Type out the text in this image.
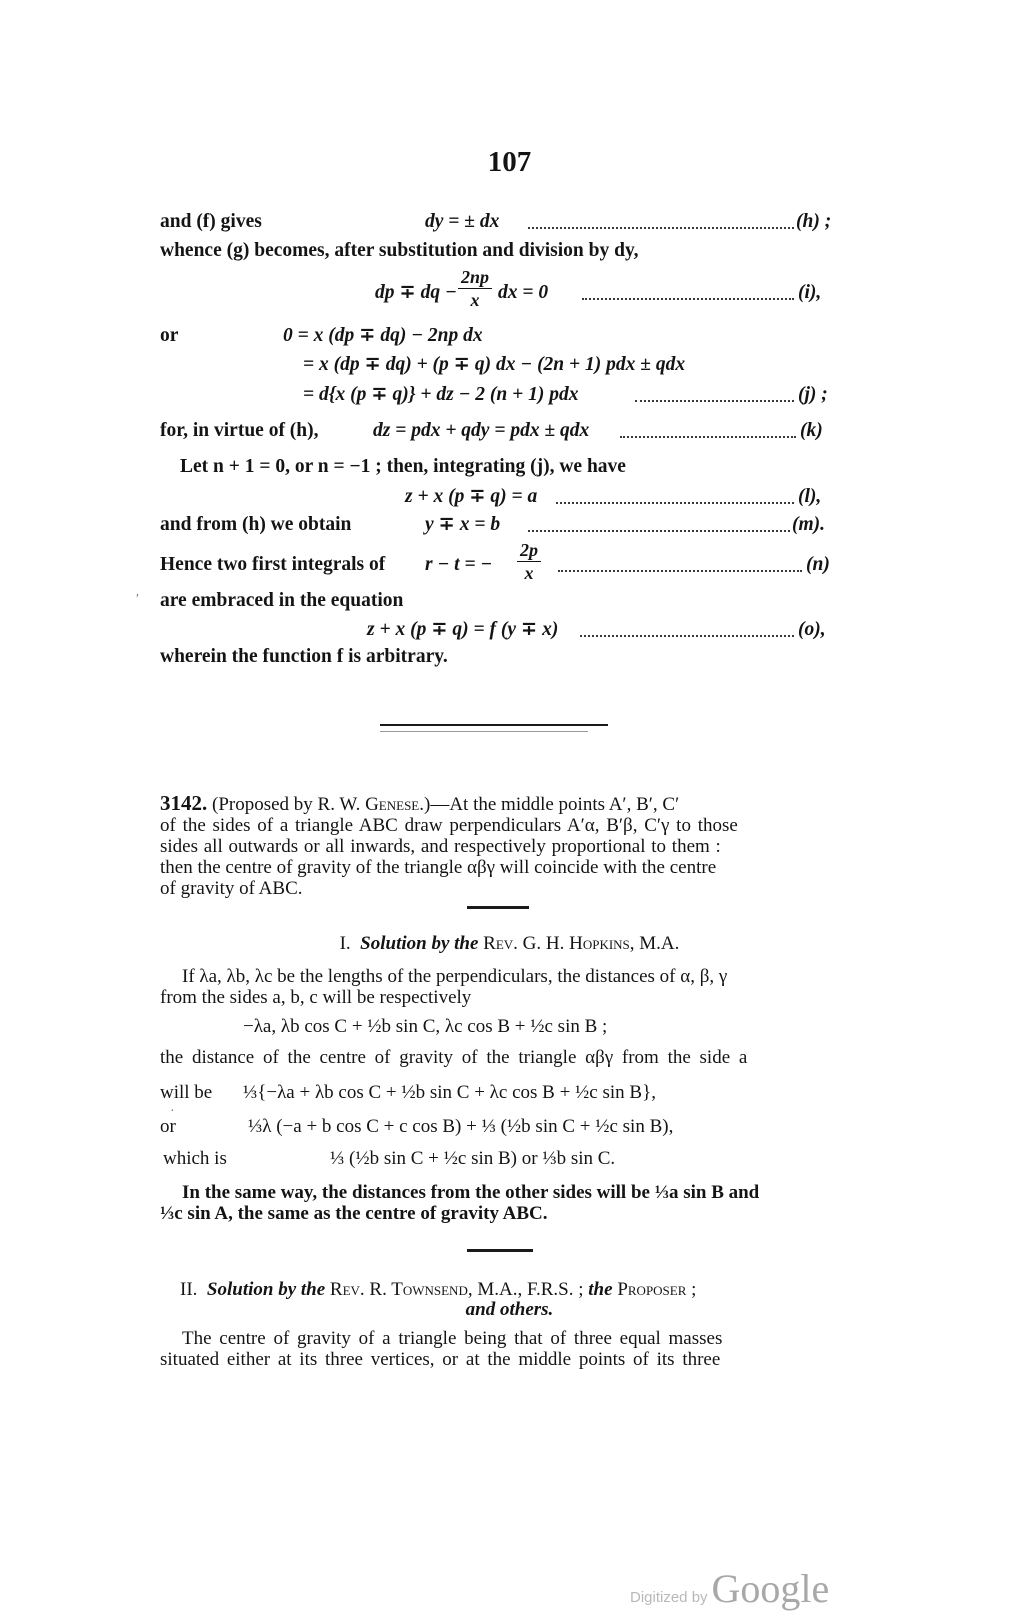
107
and (f) gives	dy = ± dx	(h) ;
whence (g) becomes, after substitution and division by dy,
dp ∓ dq − $\frac{2np}{x}$ dx = 0	(i),
or	0 = x (dp ∓ dq) − 2np dx
= x (dp ∓ dq) + (p ∓ q) dx − (2n + 1) pdx ± qdx
= d{x (p ∓ q)} + dz − 2 (n + 1) pdx	(j) ;
for, in virtue of (h),	dz = pdx + qdy = pdx ± qdx	(k)
Let n + 1 = 0, or n = −1 ; then, integrating (j), we have
z + x (p ∓ q) = a	(l),
and from (h) we obtain	y ∓ x = b	(m).
Hence two first integrals of r − t = − $\frac{2p}{x}$	(n)
′ are embraced in the equation
z + x (p ∓ q) = f (y ∓ x)	(o),
wherein the function f is arbitrary.
3142. (Proposed by R. W. Genese.)—At the middle points A′, B′, C′
of the sides of a triangle ABC draw perpendiculars A′α, B′β, C′γ to those
sides all outwards or all inwards, and respectively proportional to them :
then the centre of gravity of the triangle αβγ will coincide with the centre
of gravity of ABC.
I. Solution by the Rev. G. H. Hopkins, M.A.
If λa, λb, λc be the lengths of the perpendiculars, the distances of α, β, γ
from the sides a, b, c will be respectively
−λa, λb cos C + ½b sin C, λc cos B + ½c sin B ;
the distance of the centre of gravity of the triangle αβγ from the side a
will be ⅓{−λa + λb cos C + ½b sin C + λc cos B + ½c sin B},
·
or	⅓λ (−a + b cos C + c cos B) + ⅓ (½b sin C + ½c sin B),
which is	⅓ (½b sin C + ½c sin B) or ⅓b sin C.
In the same way, the distances from the other sides will be ⅓a sin B and
⅓c sin A, the same as the centre of gravity ABC.
II. Solution by the Rev. R. Townsend, M.A., F.R.S. ; the Proposer ;
and others.
The centre of gravity of a triangle being that of three equal masses
situated either at its three vertices, or at the middle points of its three
Digitized by Google
